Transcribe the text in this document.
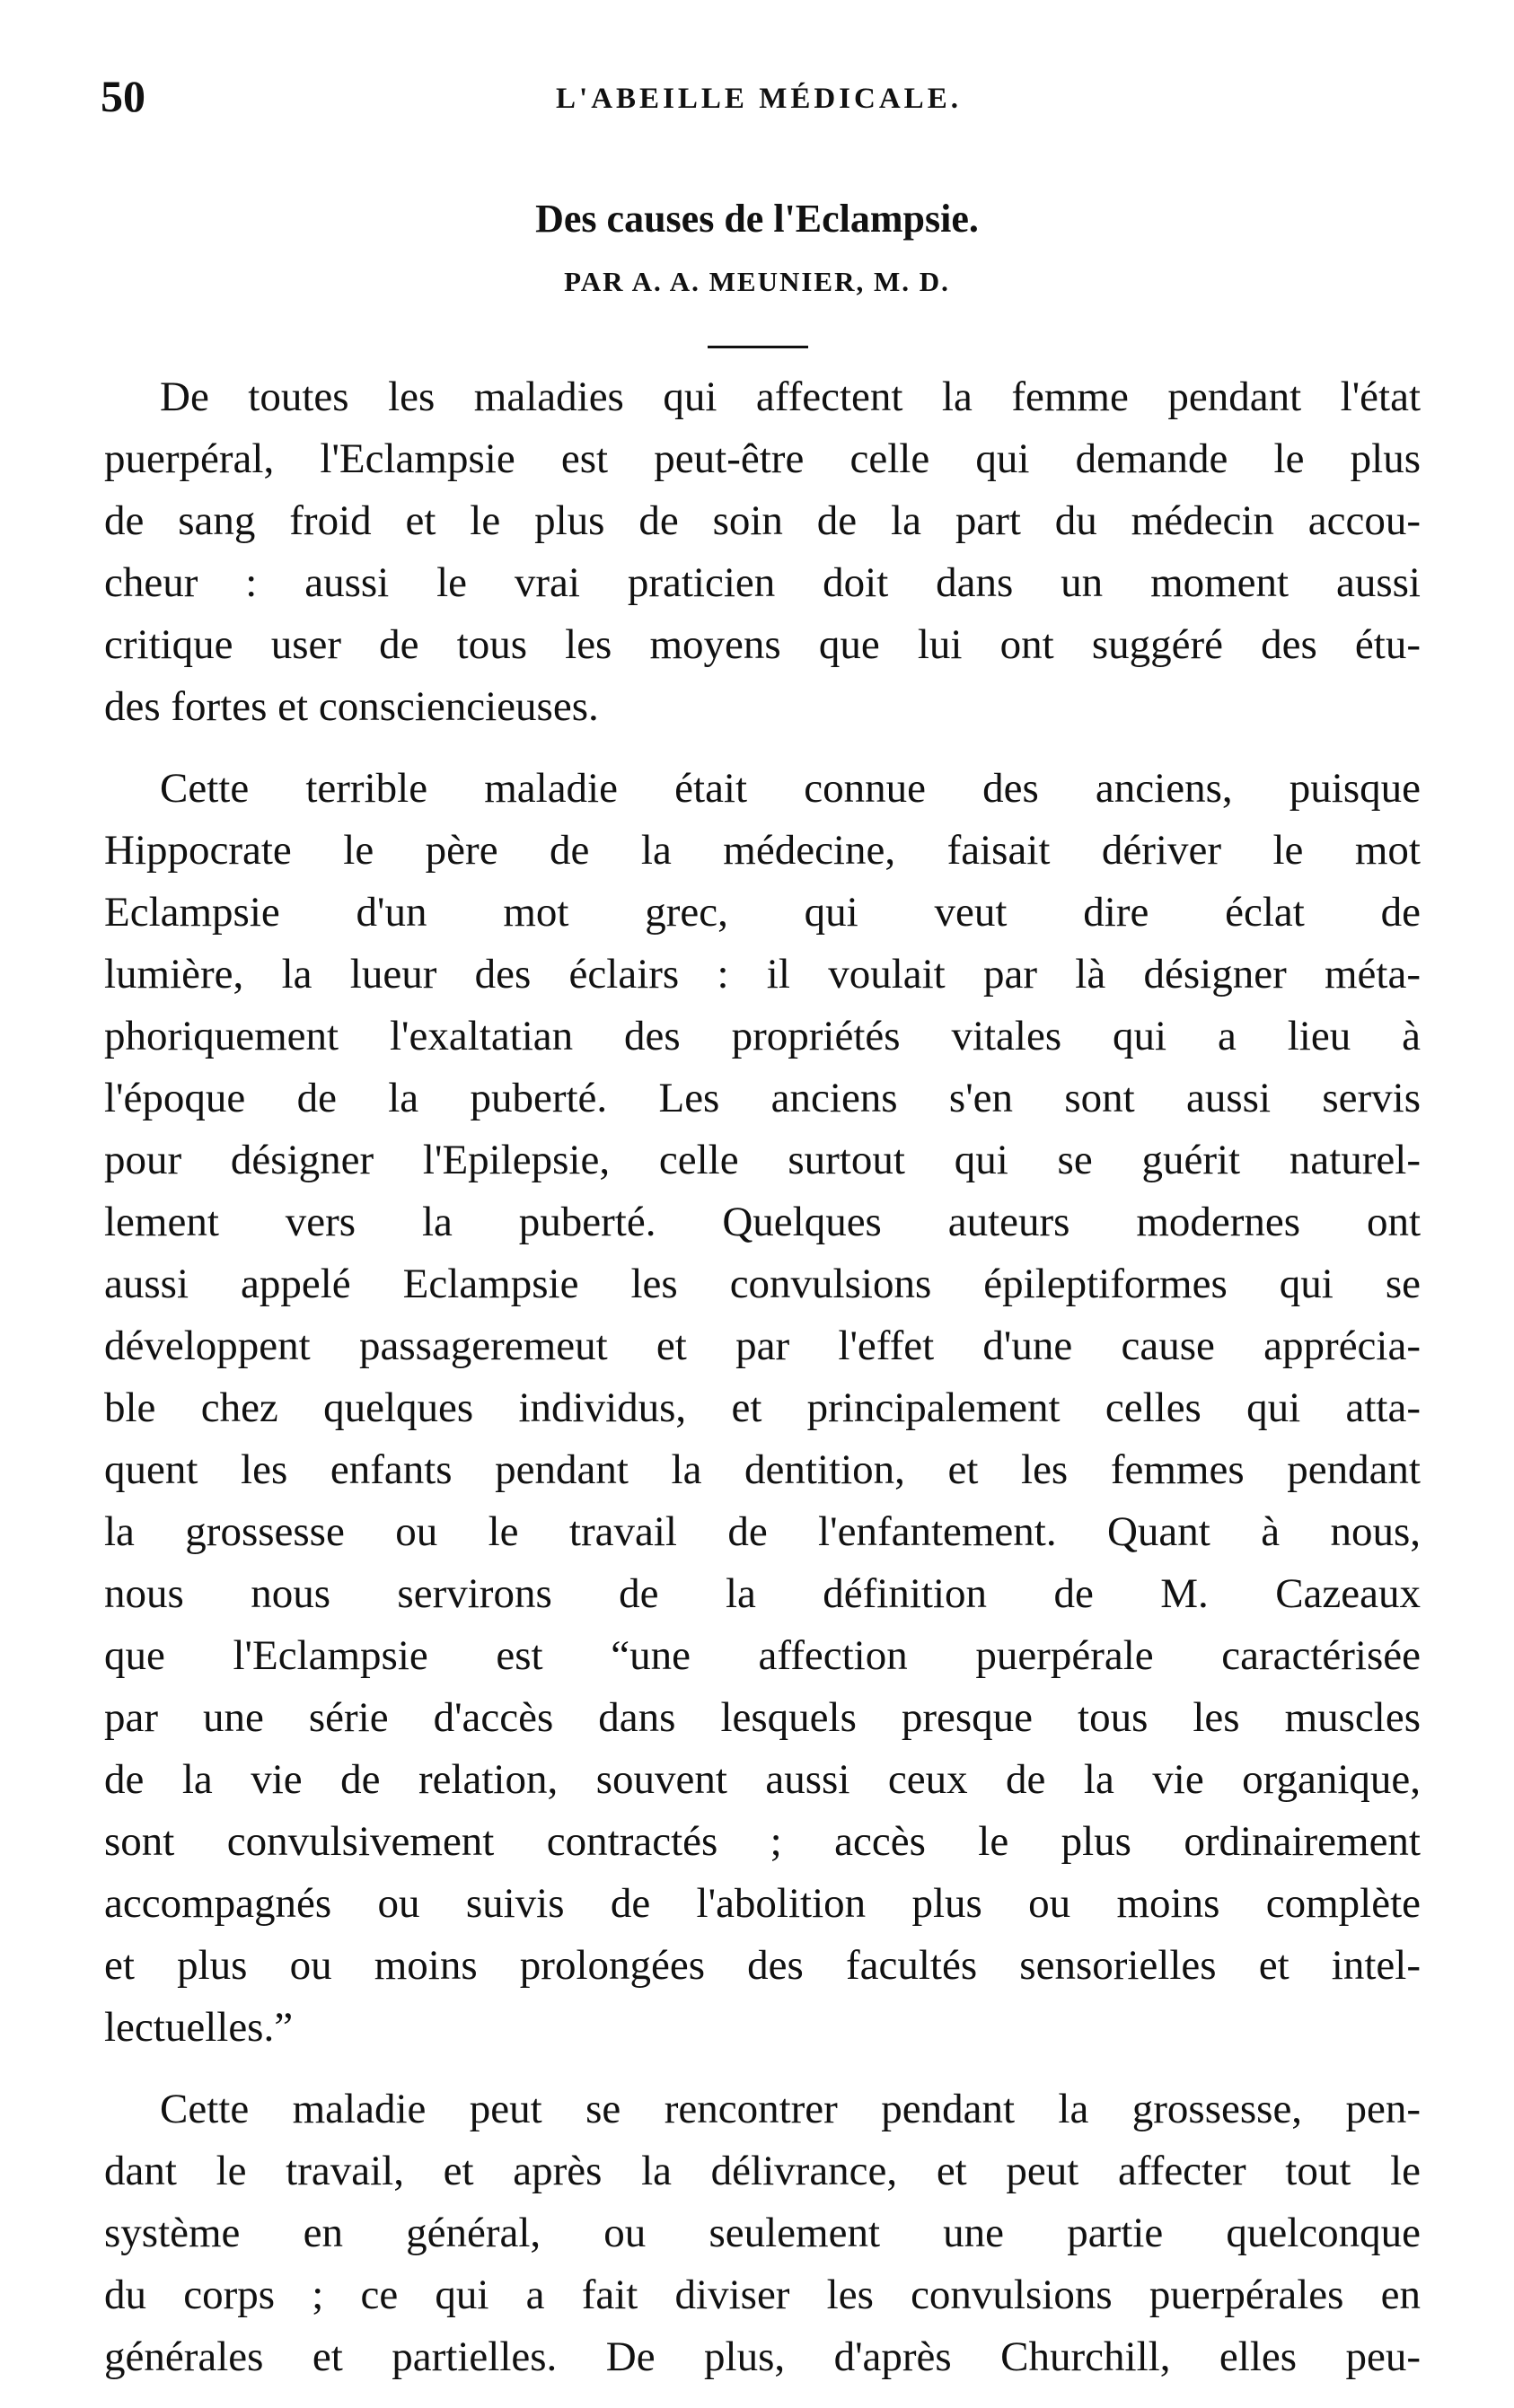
50	L'ABEILLE MÉDICALE.
Des causes de l'Eclampsie.
PAR A. A. MEUNIER, M. D.

De toutes les maladies qui affectent la femme pendant l'état
puerpéral, l'Eclampsie est peut-être celle qui demande le plus
de sang froid et le plus de soin de la part du médecin accou-
cheur : aussi le vrai praticien doit dans un moment aussi
critique user de tous les moyens que lui ont suggéré des étu-
des fortes et consciencieuses.

Cette terrible maladie était connue des anciens, puisque
Hippocrate le père de la médecine, faisait dériver le mot
Eclampsie d'un mot grec, qui veut dire éclat de
lumière, la lueur des éclairs : il voulait par là désigner méta-
phoriquement l'exaltatian des propriétés vitales qui a lieu à
l'époque de la puberté. Les anciens s'en sont aussi servis
pour désigner l'Epilepsie, celle surtout qui se guérit naturel-
lement vers la puberté. Quelques auteurs modernes ont
aussi appelé Eclampsie les convulsions épileptiformes qui se
développent passageremeut et par l'effet d'une cause apprécia-
ble chez quelques individus, et principalement celles qui atta-
quent les enfants pendant la dentition, et les femmes pendant
la grossesse ou le travail de l'enfantement. Quant à nous,
nous nous servirons de la définition de M. Cazeaux
que l'Eclampsie est “une affection puerpérale caractérisée
par une série d'accès dans lesquels presque tous les muscles
de la vie de relation, souvent aussi ceux de la vie organique,
sont convulsivement contractés ; accès le plus ordinairement
accompagnés ou suivis de l'abolition plus ou moins complète
et plus ou moins prolongées des facultés sensorielles et intel-
lectuelles.”

Cette maladie peut se rencontrer pendant la grossesse, pen-
dant le travail, et après la délivrance, et peut affecter tout le
système en général, ou seulement une partie quelconque
du corps ; ce qui a fait diviser les convulsions puerpérales en
générales et partielles. De plus, d'après Churchill, elles peu-
